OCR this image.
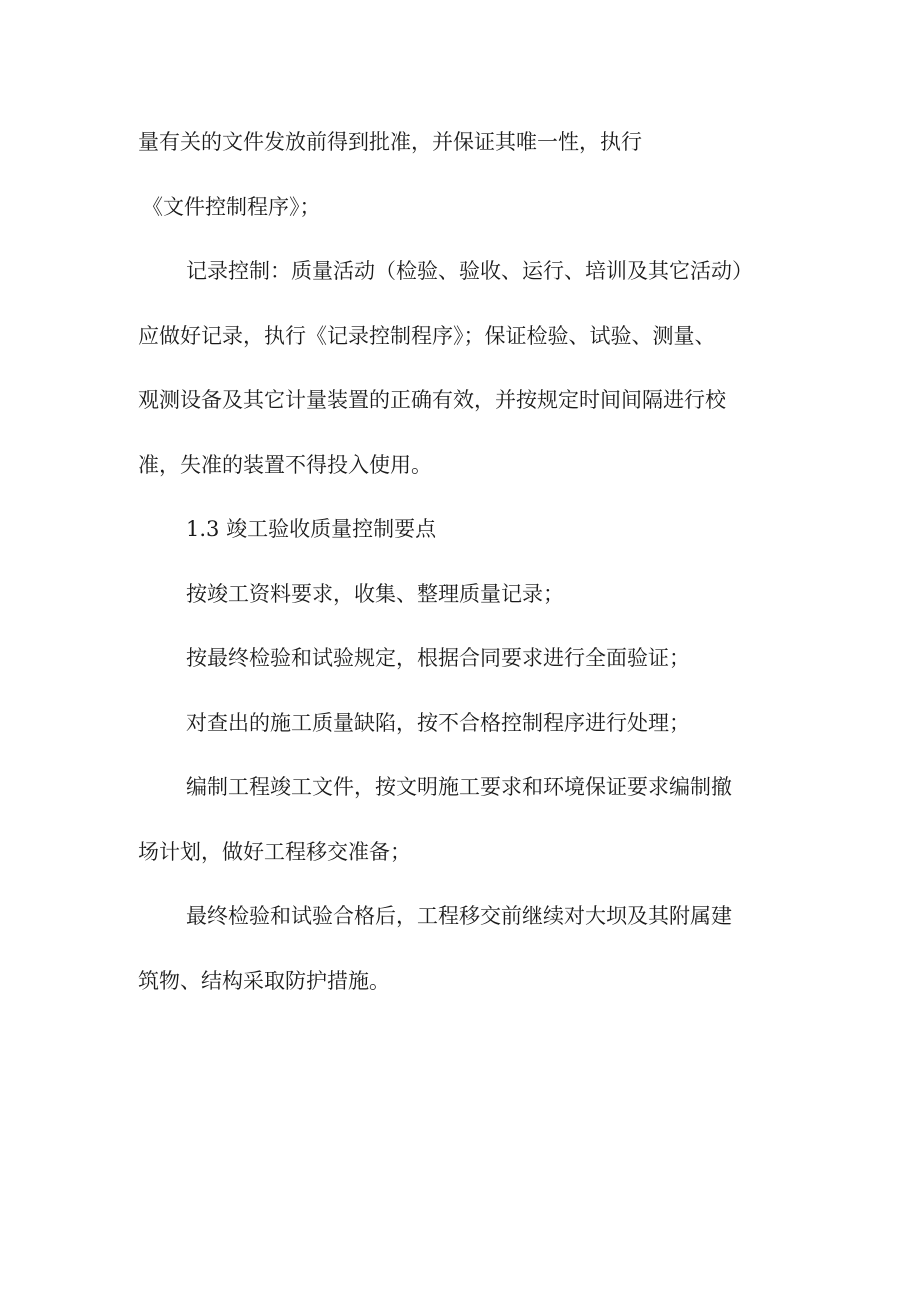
量有关的文件发放前得到批准，并保证其唯一性，执行
《文件控制程序》；
记录控制：质量活动（检验、验收、运行、培训及其它活动）
应做好记录，执行《记录控制程序》；保证检验、试验、测量、
观测设备及其它计量装置的正确有效，并按规定时间间隔进行校
准，失准的装置不得投入使用。
1.3 竣工验收质量控制要点
按竣工资料要求，收集、整理质量记录；
按最终检验和试验规定，根据合同要求进行全面验证；
对查出的施工质量缺陷，按不合格控制程序进行处理；
编制工程竣工文件，按文明施工要求和环境保证要求编制撤
场计划，做好工程移交准备；
最终检验和试验合格后，工程移交前继续对大坝及其附属建
筑物、结构采取防护措施。
